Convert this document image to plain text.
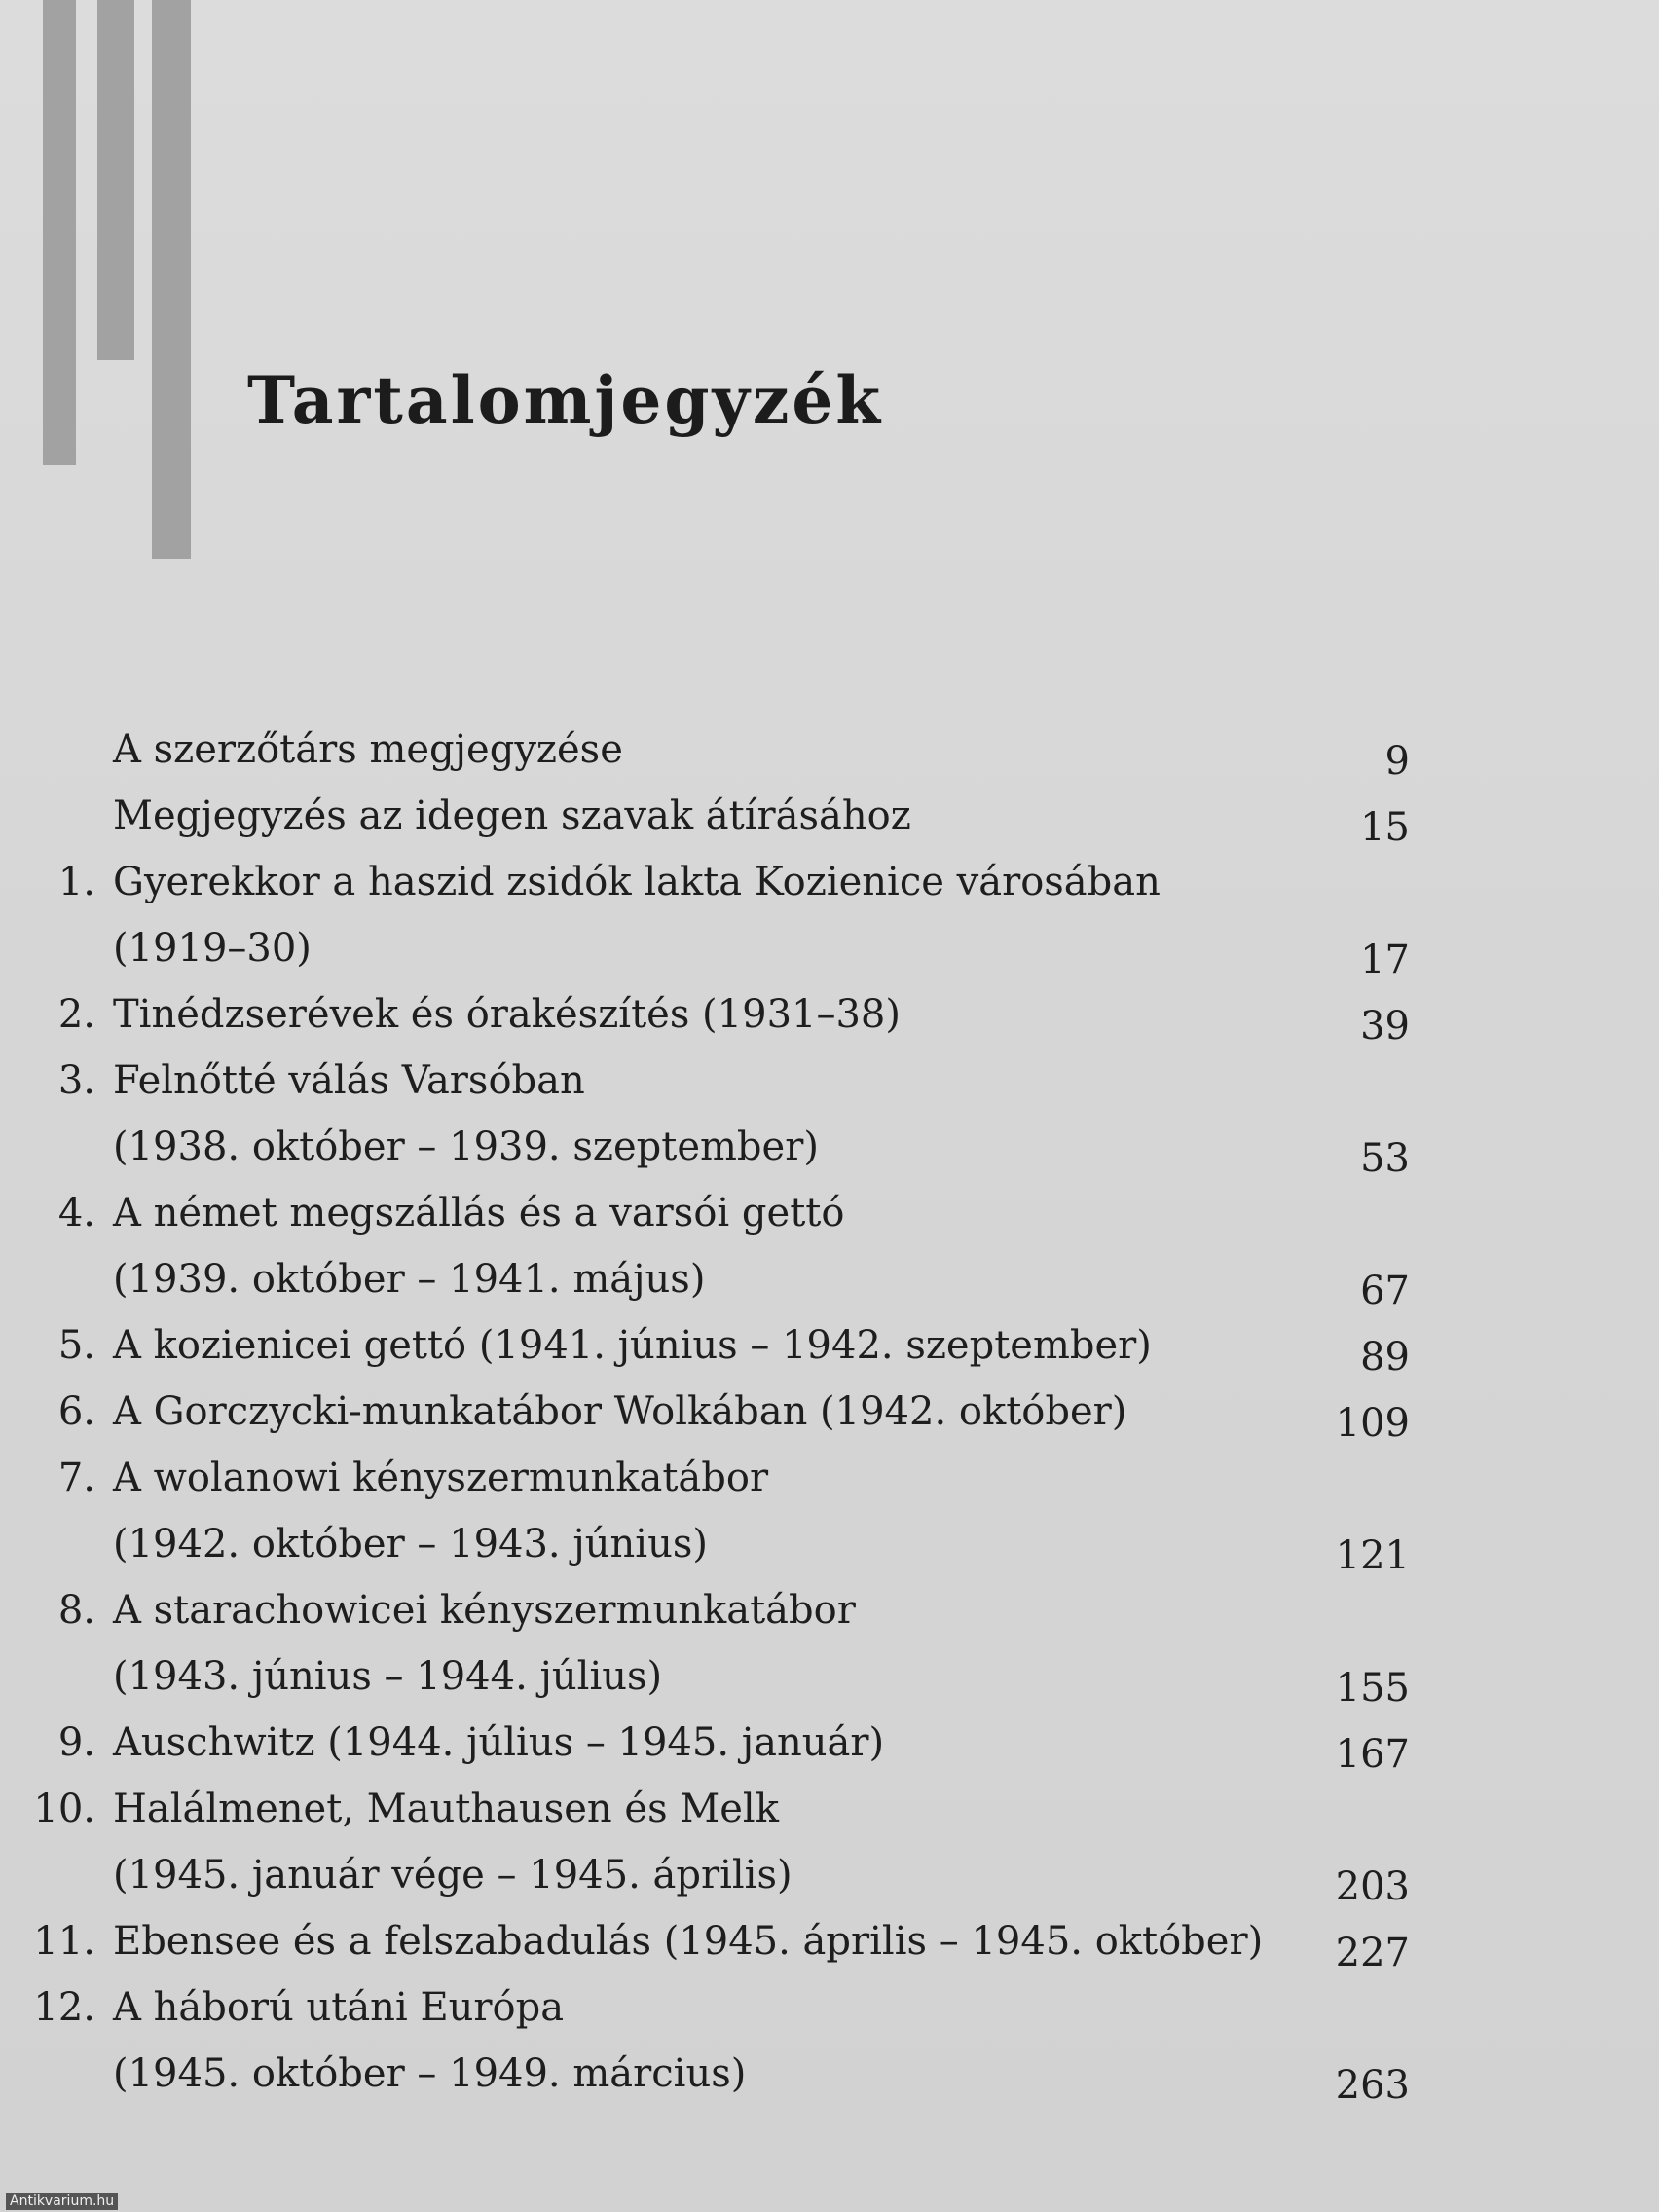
Tartalomjegyzék
A szerzőtárs megjegyzése	9
Megjegyzés az idegen szavak átírásához	15
1. Gyerekkor a haszid zsidók lakta Kozienice városában
(1919–30)	17
2. Tinédzserévek és órakészítés (1931–38)	39
3. Felnőtté válás Varsóban
(1938. október – 1939. szeptember)	53
4. A német megszállás és a varsói gettó
(1939. október – 1941. május)	67
5. A kozienicei gettó (1941. június – 1942. szeptember)	89
6. A Gorczycki-munkatábor Wolkában (1942. október)	109
7. A wolanowi kényszermunkatábor
(1942. október – 1943. június)	121
8. A starachowicei kényszermunkatábor
(1943. június – 1944. július)	155
9. Auschwitz (1944. július – 1945. január)	167
10. Halálmenet, Mauthausen és Melk
(1945. január vége – 1945. április)	203
11. Ebensee és a felszabadulás (1945. április – 1945. október) 227
12. A háború utáni Európa
(1945. október – 1949. március)	263
Antikvarium.hu
